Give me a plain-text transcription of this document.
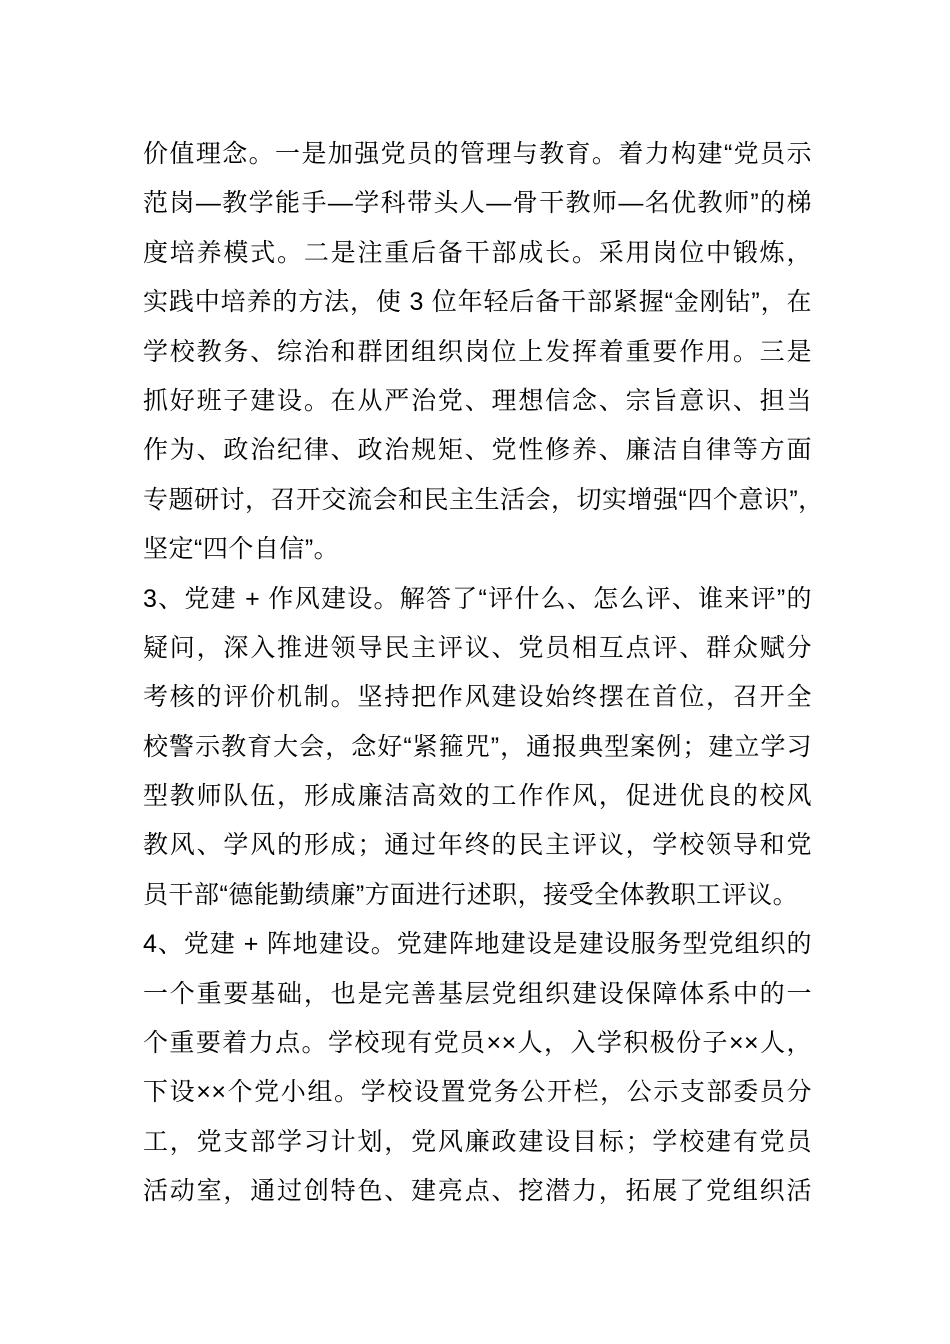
价值理念。一是加强党员的管理与教育。着力构建“党员示
范岗—教学能手—学科带头人—骨干教师—名优教师”的梯
度培养模式。二是注重后备干部成长。采用岗位中锻炼，
实践中培养的方法，使 3 位年轻后备干部紧握“金刚钻”，在
学校教务、综治和群团组织岗位上发挥着重要作用。三是
抓好班子建设。在从严治党、理想信念、宗旨意识、担当
作为、政治纪律、政治规矩、党性修养、廉洁自律等方面
专题研讨，召开交流会和民主生活会，切实增强“四个意识”，
坚定“四个自信”。
3、党建 + 作风建设。解答了“评什么、怎么评、谁来评”的
疑问，深入推进领导民主评议、党员相互点评、群众赋分
考核的评价机制。坚持把作风建设始终摆在首位，召开全
校警示教育大会，念好“紧箍咒”，通报典型案例；建立学习
型教师队伍，形成廉洁高效的工作作风，促进优良的校风
教风、学风的形成；通过年终的民主评议，学校领导和党
员干部“德能勤绩廉”方面进行述职，接受全体教职工评议。
4、党建 + 阵地建设。党建阵地建设是建设服务型党组织的
一个重要基础，也是完善基层党组织建设保障体系中的一
个重要着力点。学校现有党员××人，入学积极份子××人，
下设××个党小组。学校设置党务公开栏，公示支部委员分
工，党支部学习计划，党风廉政建设目标；学校建有党员
活动室，通过创特色、建亮点、挖潜力，拓展了党组织活
